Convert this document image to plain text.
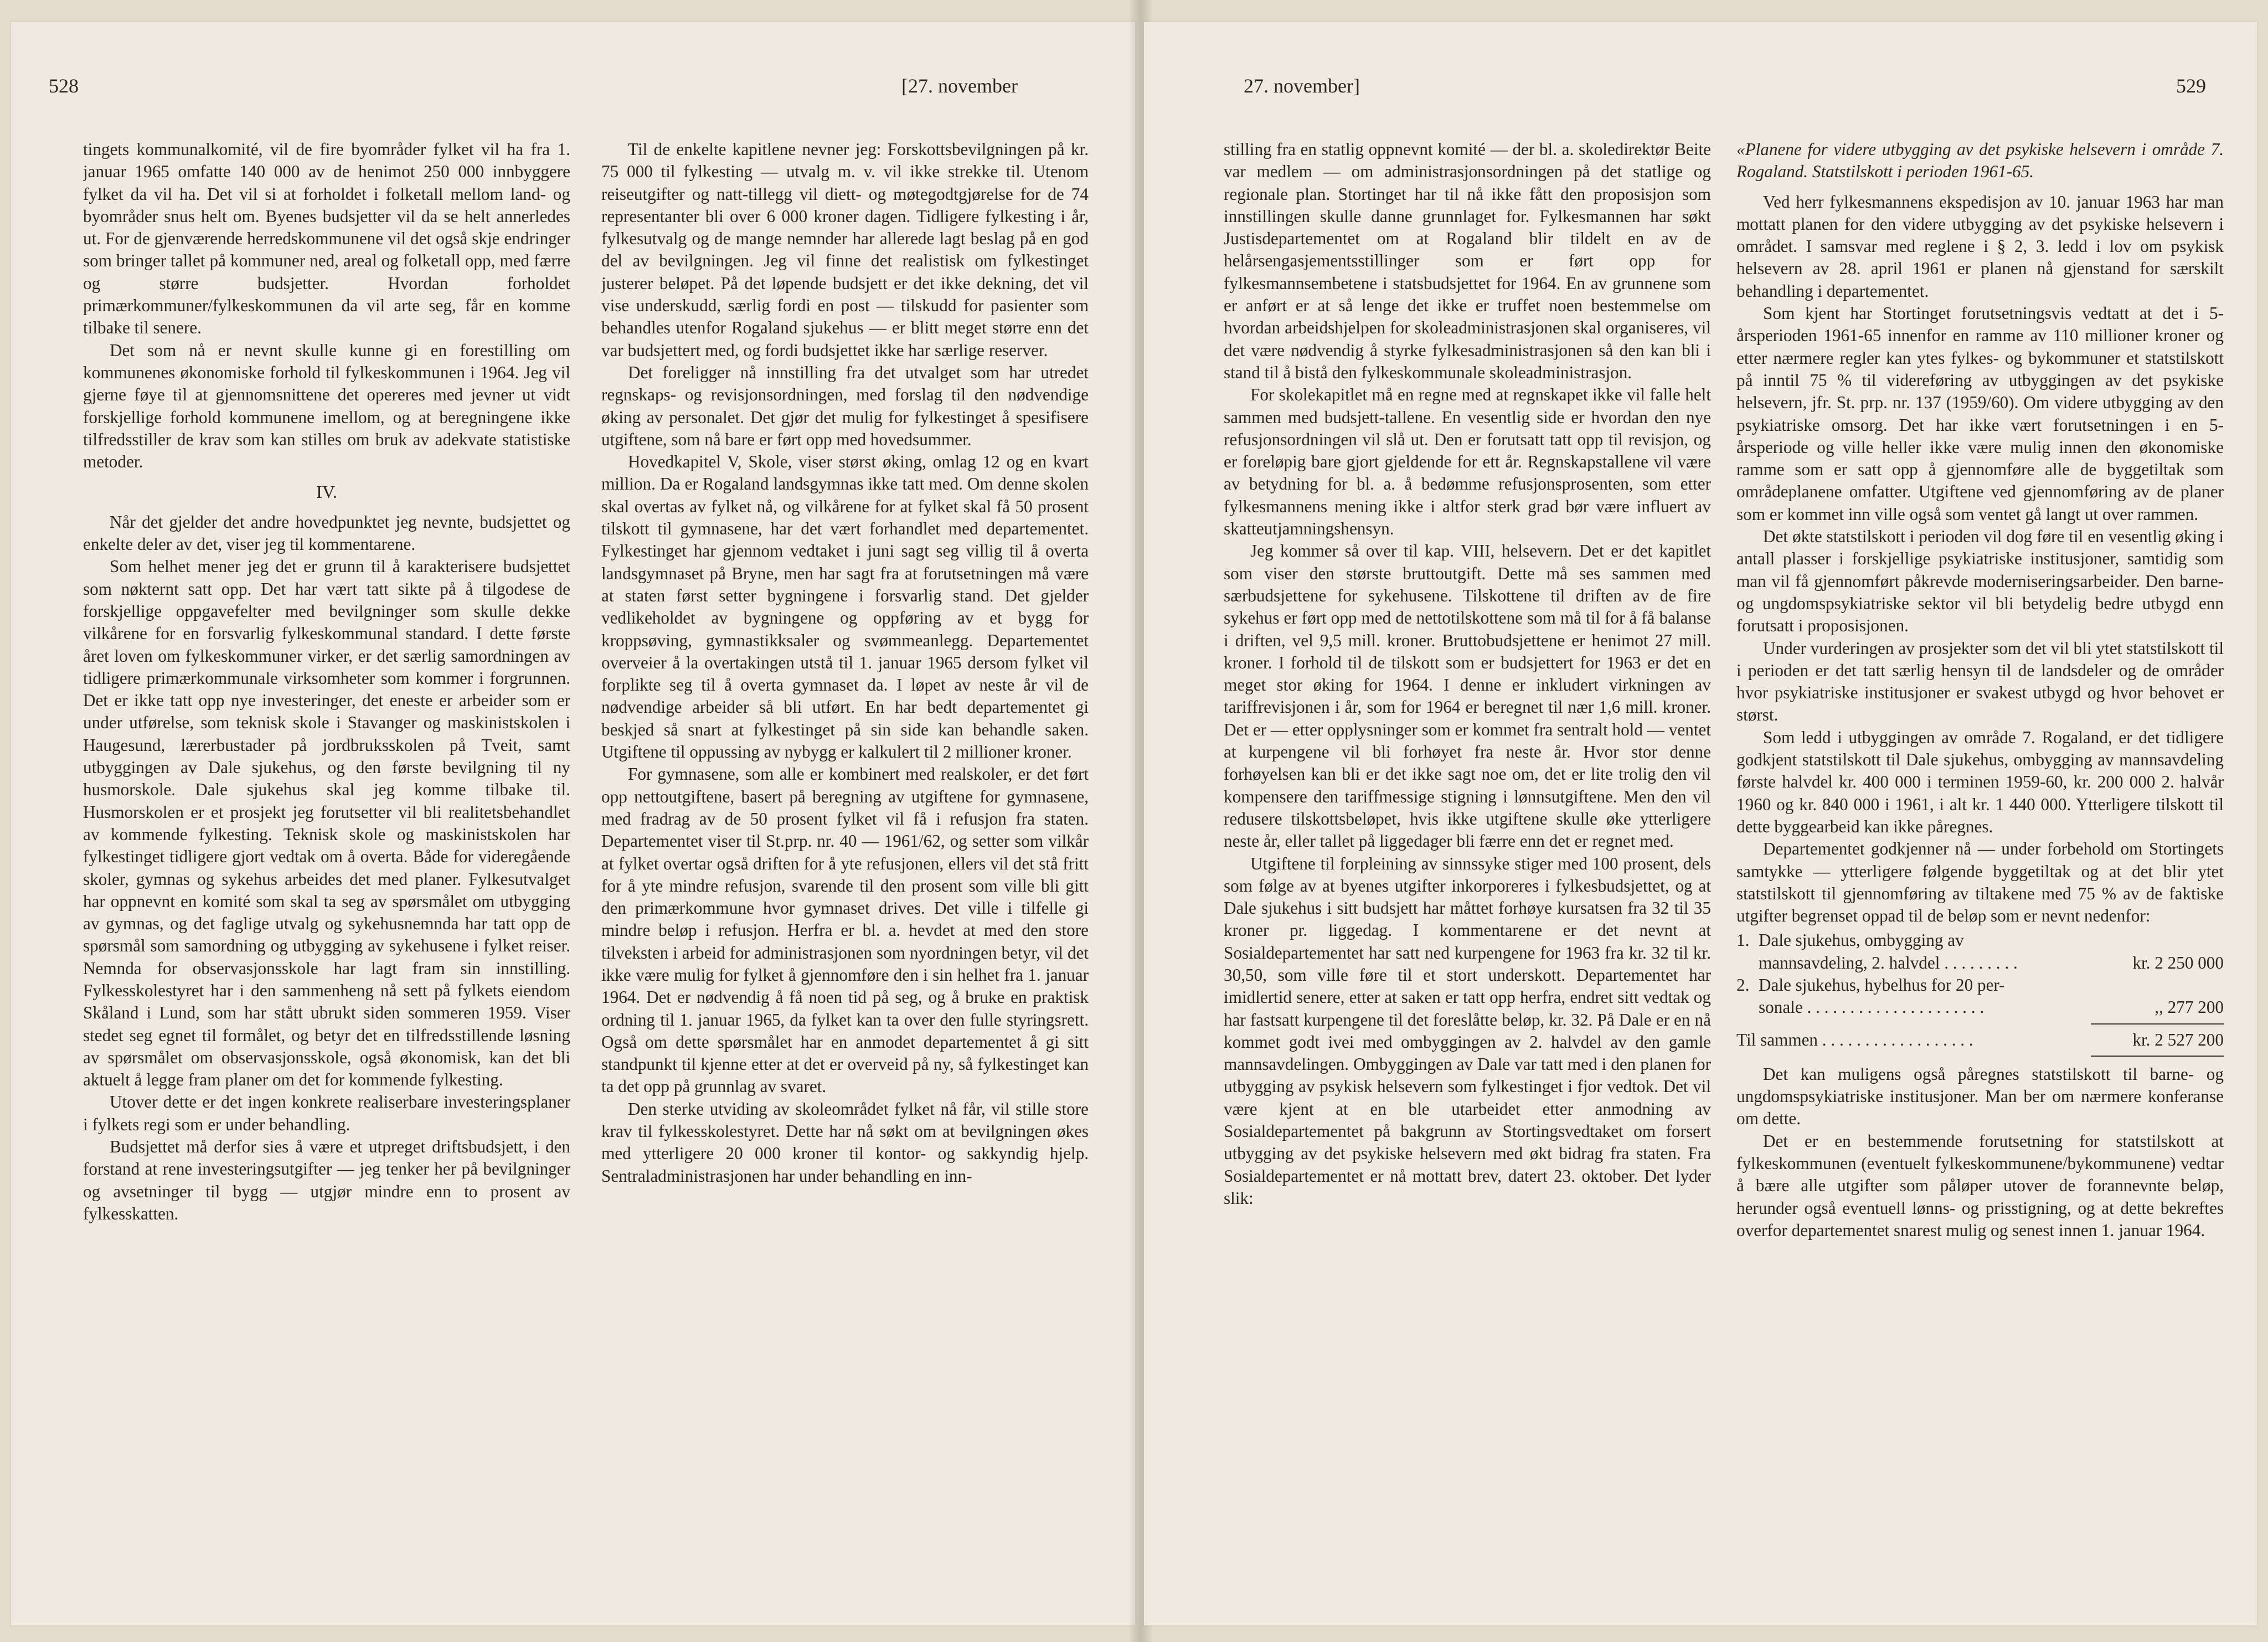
528	[27. november

tingets kommunalkomité, vil de fire byområder fylket vil ha fra 1. januar 1965 omfatte 140 000 av de henimot 250 000 innbyggere fylket da vil ha. Det vil si at forholdet i folketall mellom land- og byområder snus helt om. Byenes budsjetter vil da se helt annerledes ut. For de gjenværende herredskommunene vil det også skje endringer som bringer tallet på kommuner ned, areal og folketall opp, med færre og større budsjetter. Hvordan forholdet primærkommuner/fylkeskommunen da vil arte seg, får en komme tilbake til senere.

Det som nå er nevnt skulle kunne gi en forestilling om kommunenes økonomiske forhold til fylkeskommunen i 1964. Jeg vil gjerne føye til at gjennomsnittene det opereres med jevner ut vidt forskjellige forhold kommunene imellom, og at beregningene ikke tilfredsstiller de krav som kan stilles om bruk av adekvate statistiske metoder.

IV.

Når det gjelder det andre hovedpunktet jeg nevnte, budsjettet og enkelte deler av det, viser jeg til kommentarene.

Som helhet mener jeg det er grunn til å karakterisere budsjettet som nøkternt satt opp. Det har vært tatt sikte på å tilgodese de forskjellige oppgavefelter med bevilgninger som skulle dekke vilkårene for en forsvarlig fylkeskommunal standard. I dette første året loven om fylkeskommuner virker, er det særlig samordningen av tidligere primærkommunale virksomheter som kommer i forgrunnen. Det er ikke tatt opp nye investeringer, det eneste er arbeider som er under utførelse, som teknisk skole i Stavanger og maskinistskolen i Haugesund, lærerbustader på jordbruksskolen på Tveit, samt utbyggingen av Dale sjukehus, og den første bevilgning til ny husmorskole. Dale sjukehus skal jeg komme tilbake til. Husmorskolen er et prosjekt jeg forutsetter vil bli realitetsbehandlet av kommende fylkesting. Teknisk skole og maskinistskolen har fylkestinget tidligere gjort vedtak om å overta. Både for videregående skoler, gymnas og sykehus arbeides det med planer. Fylkesutvalget har oppnevnt en komité som skal ta seg av spørsmålet om utbygging av gymnas, og det faglige utvalg og sykehusnemnda har tatt opp de spørsmål som samordning og utbygging av sykehusene i fylket reiser. Nemnda for observasjonsskole har lagt fram sin innstilling. Fylkesskolestyret har i den sammenheng nå sett på fylkets eiendom Skåland i Lund, som har stått ubrukt siden sommeren 1959. Viser stedet seg egnet til formålet, og betyr det en tilfredsstillende løsning av spørsmålet om observasjonsskole, også økonomisk, kan det bli aktuelt å legge fram planer om det for kommende fylkesting.

Utover dette er det ingen konkrete realiserbare investeringsplaner i fylkets regi som er under behandling.

Budsjettet må derfor sies å være et utpreget driftsbudsjett, i den forstand at rene investeringsutgifter — jeg tenker her på bevilgninger og avsetninger til bygg — utgjør mindre enn to prosent av fylkesskatten.

Til de enkelte kapitlene nevner jeg: Forskottsbevilgningen på kr. 75 000 til fylkesting — utvalg m. v. vil ikke strekke til. Utenom reiseutgifter og natt-tillegg vil diett- og møtegodtgjørelse for de 74 representanter bli over 6 000 kroner dagen. Tidligere fylkesting i år, fylkesutvalg og de mange nemnder har allerede lagt beslag på en god del av bevilgningen. Jeg vil finne det realistisk om fylkestinget justerer beløpet. På det løpende budsjett er det ikke dekning, det vil vise underskudd, særlig fordi en post — tilskudd for pasienter som behandles utenfor Rogaland sjukehus — er blitt meget større enn det var budsjettert med, og fordi budsjettet ikke har særlige reserver.

Det foreligger nå innstilling fra det utvalget som har utredet regnskaps- og revisjonsordningen, med forslag til den nødvendige øking av personalet. Det gjør det mulig for fylkestinget å spesifisere utgiftene, som nå bare er ført opp med hovedsummer.

Hovedkapitel V, Skole, viser størst øking, omlag 12 og en kvart million. Da er Rogaland landsgymnas ikke tatt med. Om denne skolen skal overtas av fylket nå, og vilkårene for at fylket skal få 50 prosent tilskott til gymnasene, har det vært forhandlet med departementet. Fylkestinget har gjennom vedtaket i juni sagt seg villig til å overta landsgymnaset på Bryne, men har sagt fra at forutsetningen må være at staten først setter bygningene i forsvarlig stand. Det gjelder vedlikeholdet av bygningene og oppføring av et bygg for kroppsøving, gymnastikksaler og svømmeanlegg. Departementet overveier å la overtakingen utstå til 1. januar 1965 dersom fylket vil forplikte seg til å overta gymnaset da. I løpet av neste år vil de nødvendige arbeider så bli utført. En har bedt departementet gi beskjed så snart at fylkestinget på sin side kan behandle saken. Utgiftene til oppussing av nybygg er kalkulert til 2 millioner kroner.

For gymnasene, som alle er kombinert med realskoler, er det ført opp nettoutgiftene, basert på beregning av utgiftene for gymnasene, med fradrag av de 50 prosent fylket vil få i refusjon fra staten. Departementet viser til St.prp. nr. 40 — 1961/62, og setter som vilkår at fylket overtar også driften for å yte refusjonen, ellers vil det stå fritt for å yte mindre refusjon, svarende til den prosent som ville bli gitt den primærkommune hvor gymnaset drives. Det ville i tilfelle gi mindre beløp i refusjon. Herfra er bl. a. hevdet at med den store tilveksten i arbeid for administrasjonen som nyordningen betyr, vil det ikke være mulig for fylket å gjennomføre den i sin helhet fra 1. januar 1964. Det er nødvendig å få noen tid på seg, og å bruke en praktisk ordning til 1. januar 1965, da fylket kan ta over den fulle styringsrett. Også om dette spørsmålet har en anmodet departementet å gi sitt standpunkt til kjenne etter at det er overveid på ny, så fylkestinget kan ta det opp på grunnlag av svaret.

Den sterke utviding av skoleområdet fylket nå får, vil stille store krav til fylkesskolestyret. Dette har nå søkt om at bevilgningen økes med ytterligere 20 000 kroner til kontor- og sakkyndig hjelp. Sentraladministrasjonen har under behandling en inn-

27. november]	529

stilling fra en statlig oppnevnt komité — der bl. a. skoledirektør Beite var medlem — om administrasjonsordningen på det statlige og regionale plan. Stortinget har til nå ikke fått den proposisjon som innstillingen skulle danne grunnlaget for. Fylkesmannen har søkt Justisdepartementet om at Rogaland blir tildelt en av de helårsengasjementsstillinger som er ført opp for fylkesmannsembetene i statsbudsjettet for 1964. En av grunnene som er anført er at så lenge det ikke er truffet noen bestemmelse om hvordan arbeidshjelpen for skoleadministrasjonen skal organiseres, vil det være nødvendig å styrke fylkesadministrasjonen så den kan bli i stand til å bistå den fylkeskommunale skoleadministrasjon.

For skolekapitlet må en regne med at regnskapet ikke vil falle helt sammen med budsjett-tallene. En vesentlig side er hvordan den nye refusjonsordningen vil slå ut. Den er forutsatt tatt opp til revisjon, og er foreløpig bare gjort gjeldende for ett år. Regnskapstallene vil være av betydning for bl. a. å bedømme refusjonsprosenten, som etter fylkesmannens mening ikke i altfor sterk grad bør være influert av skatteutjamningshensyn.

Jeg kommer så over til kap. VIII, helsevern. Det er det kapitlet som viser den største bruttoutgift. Dette må ses sammen med særbudsjettene for sykehusene. Tilskottene til driften av de fire sykehus er ført opp med de nettotilskottene som må til for å få balanse i driften, vel 9,5 mill. kroner. Bruttobudsjettene er henimot 27 mill. kroner. I forhold til de tilskott som er budsjettert for 1963 er det en meget stor øking for 1964. I denne er inkludert virkningen av tariffrevisjonen i år, som for 1964 er beregnet til nær 1,6 mill. kroner. Det er — etter opplysninger som er kommet fra sentralt hold — ventet at kurpengene vil bli forhøyet fra neste år. Hvor stor denne forhøyelsen kan bli er det ikke sagt noe om, det er lite trolig den vil kompensere den tariffmessige stigning i lønnsutgiftene. Men den vil redusere tilskottsbeløpet, hvis ikke utgiftene skulle øke ytterligere neste år, eller tallet på liggedager bli færre enn det er regnet med.

Utgiftene til forpleining av sinnssyke stiger med 100 prosent, dels som følge av at byenes utgifter inkorporeres i fylkesbudsjettet, og at Dale sjukehus i sitt budsjett har måttet forhøye kursatsen fra 32 til 35 kroner pr. liggedag. I kommentarene er det nevnt at Sosialdepartementet har satt ned kurpengene for 1963 fra kr. 32 til kr. 30,50, som ville føre til et stort underskott. Departementet har imidlertid senere, etter at saken er tatt opp herfra, endret sitt vedtak og har fastsatt kurpengene til det foreslåtte beløp, kr. 32. På Dale er en nå kommet godt ivei med ombyggingen av 2. halvdel av den gamle mannsavdelingen. Ombyggingen av Dale var tatt med i den planen for utbygging av psykisk helsevern som fylkestinget i fjor vedtok. Det vil være kjent at en ble utarbeidet etter anmodning av Sosialdepartementet på bakgrunn av Stortingsvedtaket om forsert utbygging av det psykiske helsevern med økt bidrag fra staten. Fra Sosialdepartementet er nå mottatt brev, datert 23. oktober. Det lyder slik:

«Planene for videre utbygging av det psykiske helsevern i område 7. Rogaland. Statstilskott i perioden 1961-65.

Ved herr fylkesmannens ekspedisjon av 10. januar 1963 har man mottatt planen for den videre utbygging av det psykiske helsevern i området. I samsvar med reglene i § 2, 3. ledd i lov om psykisk helsevern av 28. april 1961 er planen nå gjenstand for særskilt behandling i departementet.

Som kjent har Stortinget forutsetningsvis vedtatt at det i 5-årsperioden 1961-65 innenfor en ramme av 110 millioner kroner og etter nærmere regler kan ytes fylkes- og bykommuner et statstilskott på inntil 75 % til videreføring av utbyggingen av det psykiske helsevern, jfr. St. prp. nr. 137 (1959/60). Om videre utbygging av den psykiatriske omsorg. Det har ikke vært forutsetningen i en 5-årsperiode og ville heller ikke være mulig innen den økonomiske ramme som er satt opp å gjennomføre alle de byggetiltak som områdeplanene omfatter. Utgiftene ved gjennomføring av de planer som er kommet inn ville også som ventet gå langt ut over rammen.

Det økte statstilskott i perioden vil dog føre til en vesentlig øking i antall plasser i forskjellige psykiatriske institusjoner, samtidig som man vil få gjennomført påkrevde moderniseringsarbeider. Den barne- og ungdomspsykiatriske sektor vil bli betydelig bedre utbygd enn forutsatt i proposisjonen.

Under vurderingen av prosjekter som det vil bli ytet statstilskott til i perioden er det tatt særlig hensyn til de landsdeler og de områder hvor psykiatriske institusjoner er svakest utbygd og hvor behovet er størst.

Som ledd i utbyggingen av område 7. Rogaland, er det tidligere godkjent statstilskott til Dale sjukehus, ombygging av mannsavdeling første halvdel kr. 400 000 i terminen 1959-60, kr. 200 000 2. halvår 1960 og kr. 840 000 i 1961, i alt kr. 1 440 000. Ytterligere tilskott til dette byggearbeid kan ikke påregnes.

Departementet godkjenner nå — under forbehold om Stortingets samtykke — ytterligere følgende byggetiltak og at det blir ytet statstilskott til gjennomføring av tiltakene med 75 % av de faktiske utgifter begrenset oppad til de beløp som er nevnt nedenfor:

1.	Dale sjukehus, ombygging av	
	mannsavdeling, 2. halvdel . . . . . . . . .	kr. 2 250 000
2.	Dale sjukehus, hybelhus for 20 per-	
	sonale . . . . . . . . . . . . . . . . . . . . .	,, 277 200

Til sammen . . . . . . . . . . . . . . . . . .		kr. 2 527 200

Det kan muligens også påregnes statstilskott til barne- og ungdomspsykiatriske institusjoner. Man ber om nærmere konferanse om dette.

Det er en bestemmende forutsetning for statstilskott at fylkeskommunen (eventuelt fylkeskommunene/bykommunene) vedtar å bære alle utgifter som påløper utover de forannevnte beløp, herunder også eventuell lønns- og prisstigning, og at dette bekreftes overfor departementet snarest mulig og senest innen 1. januar 1964.
